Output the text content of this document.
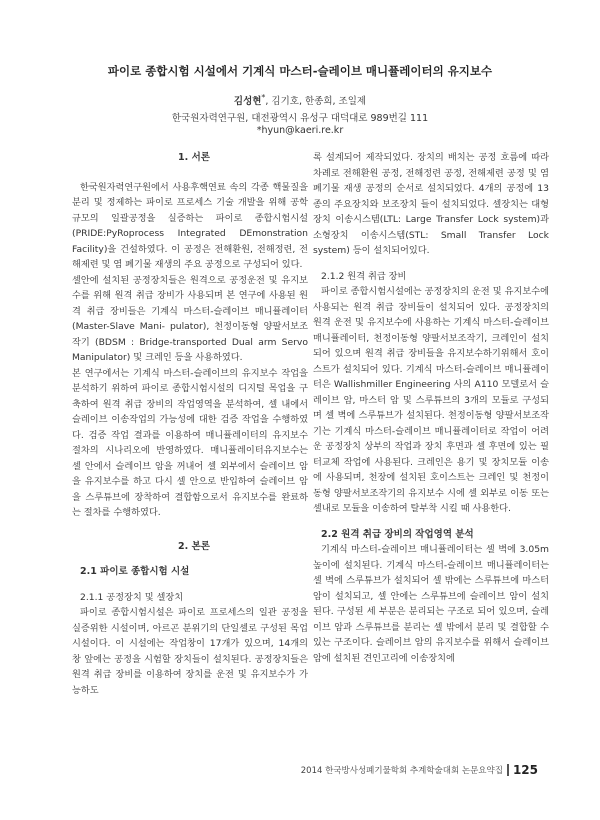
파이로 종합시험 시설에서 기계식 마스터-슬레이브 매니퓰레이터의 유지보수
김성현*, 김기호, 한종희, 조일제
한국원자력연구원, 대전광역시 유성구 대덕대로 989번길 111
*hyun@kaeri.re.kr

1. 서론

한국원자력연구원에서 사용후핵연료 속의 각종 핵물질을 분리 및 정제하는 파이로 프로세스 기술 개발을 위해 공학규모의 일괄공정을 실증하는 파이로 종합시험시설(PRIDE:PyRoprocess Integrated DEmonstration Facility)을 건설하였다. 이 공정은 전해환원, 전해정련, 전해제련 및 염 폐기물 재생의 주요 공정으로 구성되어 있다.

셀안에 설치된 공정장치들은 원격으로 공정운전 및 유지보수를 위해 원격 취급 장비가 사용되며 본 연구에 사용된 원격 취급 장비들은 기계식 마스터-슬레이브 매니퓰레이터(Master-Slave Mani- pulator), 천정이동형 양팔서보조작기 (BDSM : Bridge-transported Dual arm Servo Manipulator) 및 크레인 등을 사용하였다.

본 연구에서는 기계식 마스터-슬레이브의 유지보수 작업을 분석하기 위하여 파이로 종합시험시설의 디지털 목업을 구축하여 원격 취급 장비의 작업영역을 분석하여, 셀 내에서 슬레이브 이송작업의 가능성에 대한 검증 작업을 수행하였다. 검증 작업 결과를 이용하여 매니퓰레이터의 유지보수 절차의 시나리오에 반영하였다. 매니퓰레이터유지보수는 셀 안에서 슬레이브 암을 꺼내어 셀 외부에서 슬레이브 암을 유지보수를 하고 다시 셀 안으로 반입하여 슬레이브 암을 스루튜브에 장착하여 결합함으로서 유지보수를 완료하는 절차를 수행하였다.

2. 본론

2.1 파이로 종합시험 시설

2.1.1 공정장치 및 셀장치

파이로 종합시험시설은 파이로 프로세스의 일관 공정을 실증위한 시설이며, 아르곤 분위기의 단일셀로 구성된 목업 시설이다. 이 시설에는 작업창이 17개가 있으며, 14개의 창 앞에는 공정을 시험할 장치들이 설치된다. 공정장치들은 원격 취급 장비를 이용하여 장치를 운전 및 유지보수가 가능하도

록 설계되어 제작되었다. 장치의 배치는 공정 흐름에 따라 차례로 전해환원 공정, 전해정련 공정, 전해제련 공정 및 염폐기물 재생 공정의 순서로 설치되었다. 4개의 공정에 13 종의 주요장치와 보조장치 들이 설치되었다. 셀장치는 대형장치 이송시스템(LTL: Large Transfer Lock system)과 소형장치 이송시스템(STL: Small Transfer Lock system) 등이 설치되어있다.

2.1.2 원격 취급 장비

파이로 종합시험시설에는 공정장치의 운전 및 유지보수에 사용되는 원격 취급 장비들이 설치되어 있다. 공정장치의 원격 운전 및 유지보수에 사용하는 기계식 마스터-슬레이브 매니퓰레이터, 천정이동형 양팔서보조작기, 크레인이 설치되어 있으며 원격 취급 장비들을 유지보수하기위해서 호이스트가 설치되어 있다. 기계식 마스터-슬레이브 매니퓰레이터은 Wallishmiller Engineering 사의 A110 모델로서 슬레이브 암, 마스터 암 및 스루튜브의 3개의 모듈로 구성되며 셀 벽에 스루튜브가 설치된다. 천정이동형 양팔서보조작기는 기계식 마스터-슬레이브 매니퓰레이터로 작업이 어려운 공정장치 상부의 작업과 장치 후면과 셀 후면에 있는 필터교체 작업에 사용된다. 크레인은 용기 및 장치모듈 이송에 사용되며, 천장에 설치된 호이스트는 크레인 및 천정이동형 양팔서보조작기의 유지보수 시에 셀 외부로 이동 또는 셀내로 모듈을 이송하여 탈부착 시킬 때 사용한다.

2.2 원격 취급 장비의 작업영역 분석

기계식 마스터-슬레이브 매니퓰레이터는 셀 벽에 3.05m 높이에 설치된다. 기계식 마스터-슬레이브 매니퓰레이터는 셀 벽에 스루튜브가 설치되어 셀 밖에는 스루튜브에 마스터 암이 설치되고, 셀 안에는 스루튜브에 슬레이브 암이 설치된다. 구성된 세 부분은 분리되는 구조로 되어 있으며, 슬레이브 암과 스루튜브를 분리는 셀 밖에서 분리 및 결합할 수 있는 구조이다. 슬레이브 암의 유지보수를 위해서 슬레이브 암에 설치된 견인고리에 이송장치에

2014 한국방사성폐기물학회 추계학술대회 논문요약집 125
